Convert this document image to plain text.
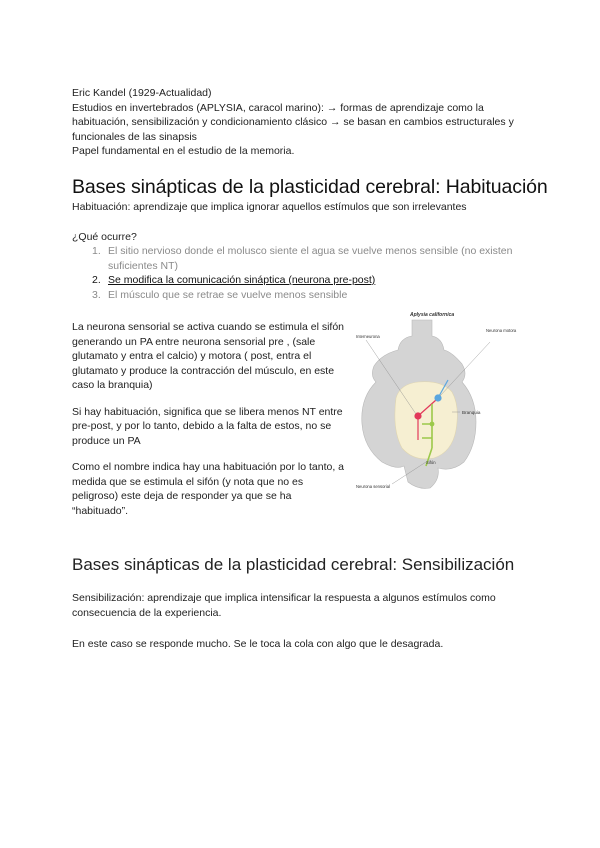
Eric Kandel (1929-Actualidad)

Estudios en invertebrados (APLYSIA, caracol marino): → formas de aprendizaje como la habituación, sensibilización y condicionamiento clásico → se basan en cambios estructurales y funcionales de las sinapsis

Papel fundamental en el estudio de la memoria.

Bases sinápticas de la plasticidad cerebral: Habituación

Habituación: aprendizaje que implica ignorar aquellos estímulos que son irrelevantes

¿Qué ocurre?

1. El sitio nervioso donde el molusco siente el agua se vuelve menos sensible (no existen suficientes NT)
2. Se modifica la comunicación sináptica (neurona pre-post)
3. El músculo que se retrae se vuelve menos sensible

La neurona sensorial se activa cuando se estimula el sifón generando un PA entre neurona sensorial pre , (sale glutamato y entra el calcio) y motora ( post, entra el glutamato y produce la contracción del músculo, en este caso la branquia)

Si hay habituación, significa que se libera menos NT entre pre-post, y por lo tanto, debido a la falta de estos, no se produce un PA

Como el nombre indica hay una habituación por lo tanto, a medida que se estimula el sifón (y nota que no es peligroso) este deja de responder ya que se ha “habituado”.

Aplysia californica
Interneurona
Neurona motora
Branquia
Sifón
Neurona sensorial
Bases sinápticas de la plasticidad cerebral: Sensibilización

Sensibilización: aprendizaje que implica intensificar la respuesta a algunos estímulos como consecuencia de la experiencia.

En este caso se responde mucho. Se le toca la cola con algo que le desagrada.
